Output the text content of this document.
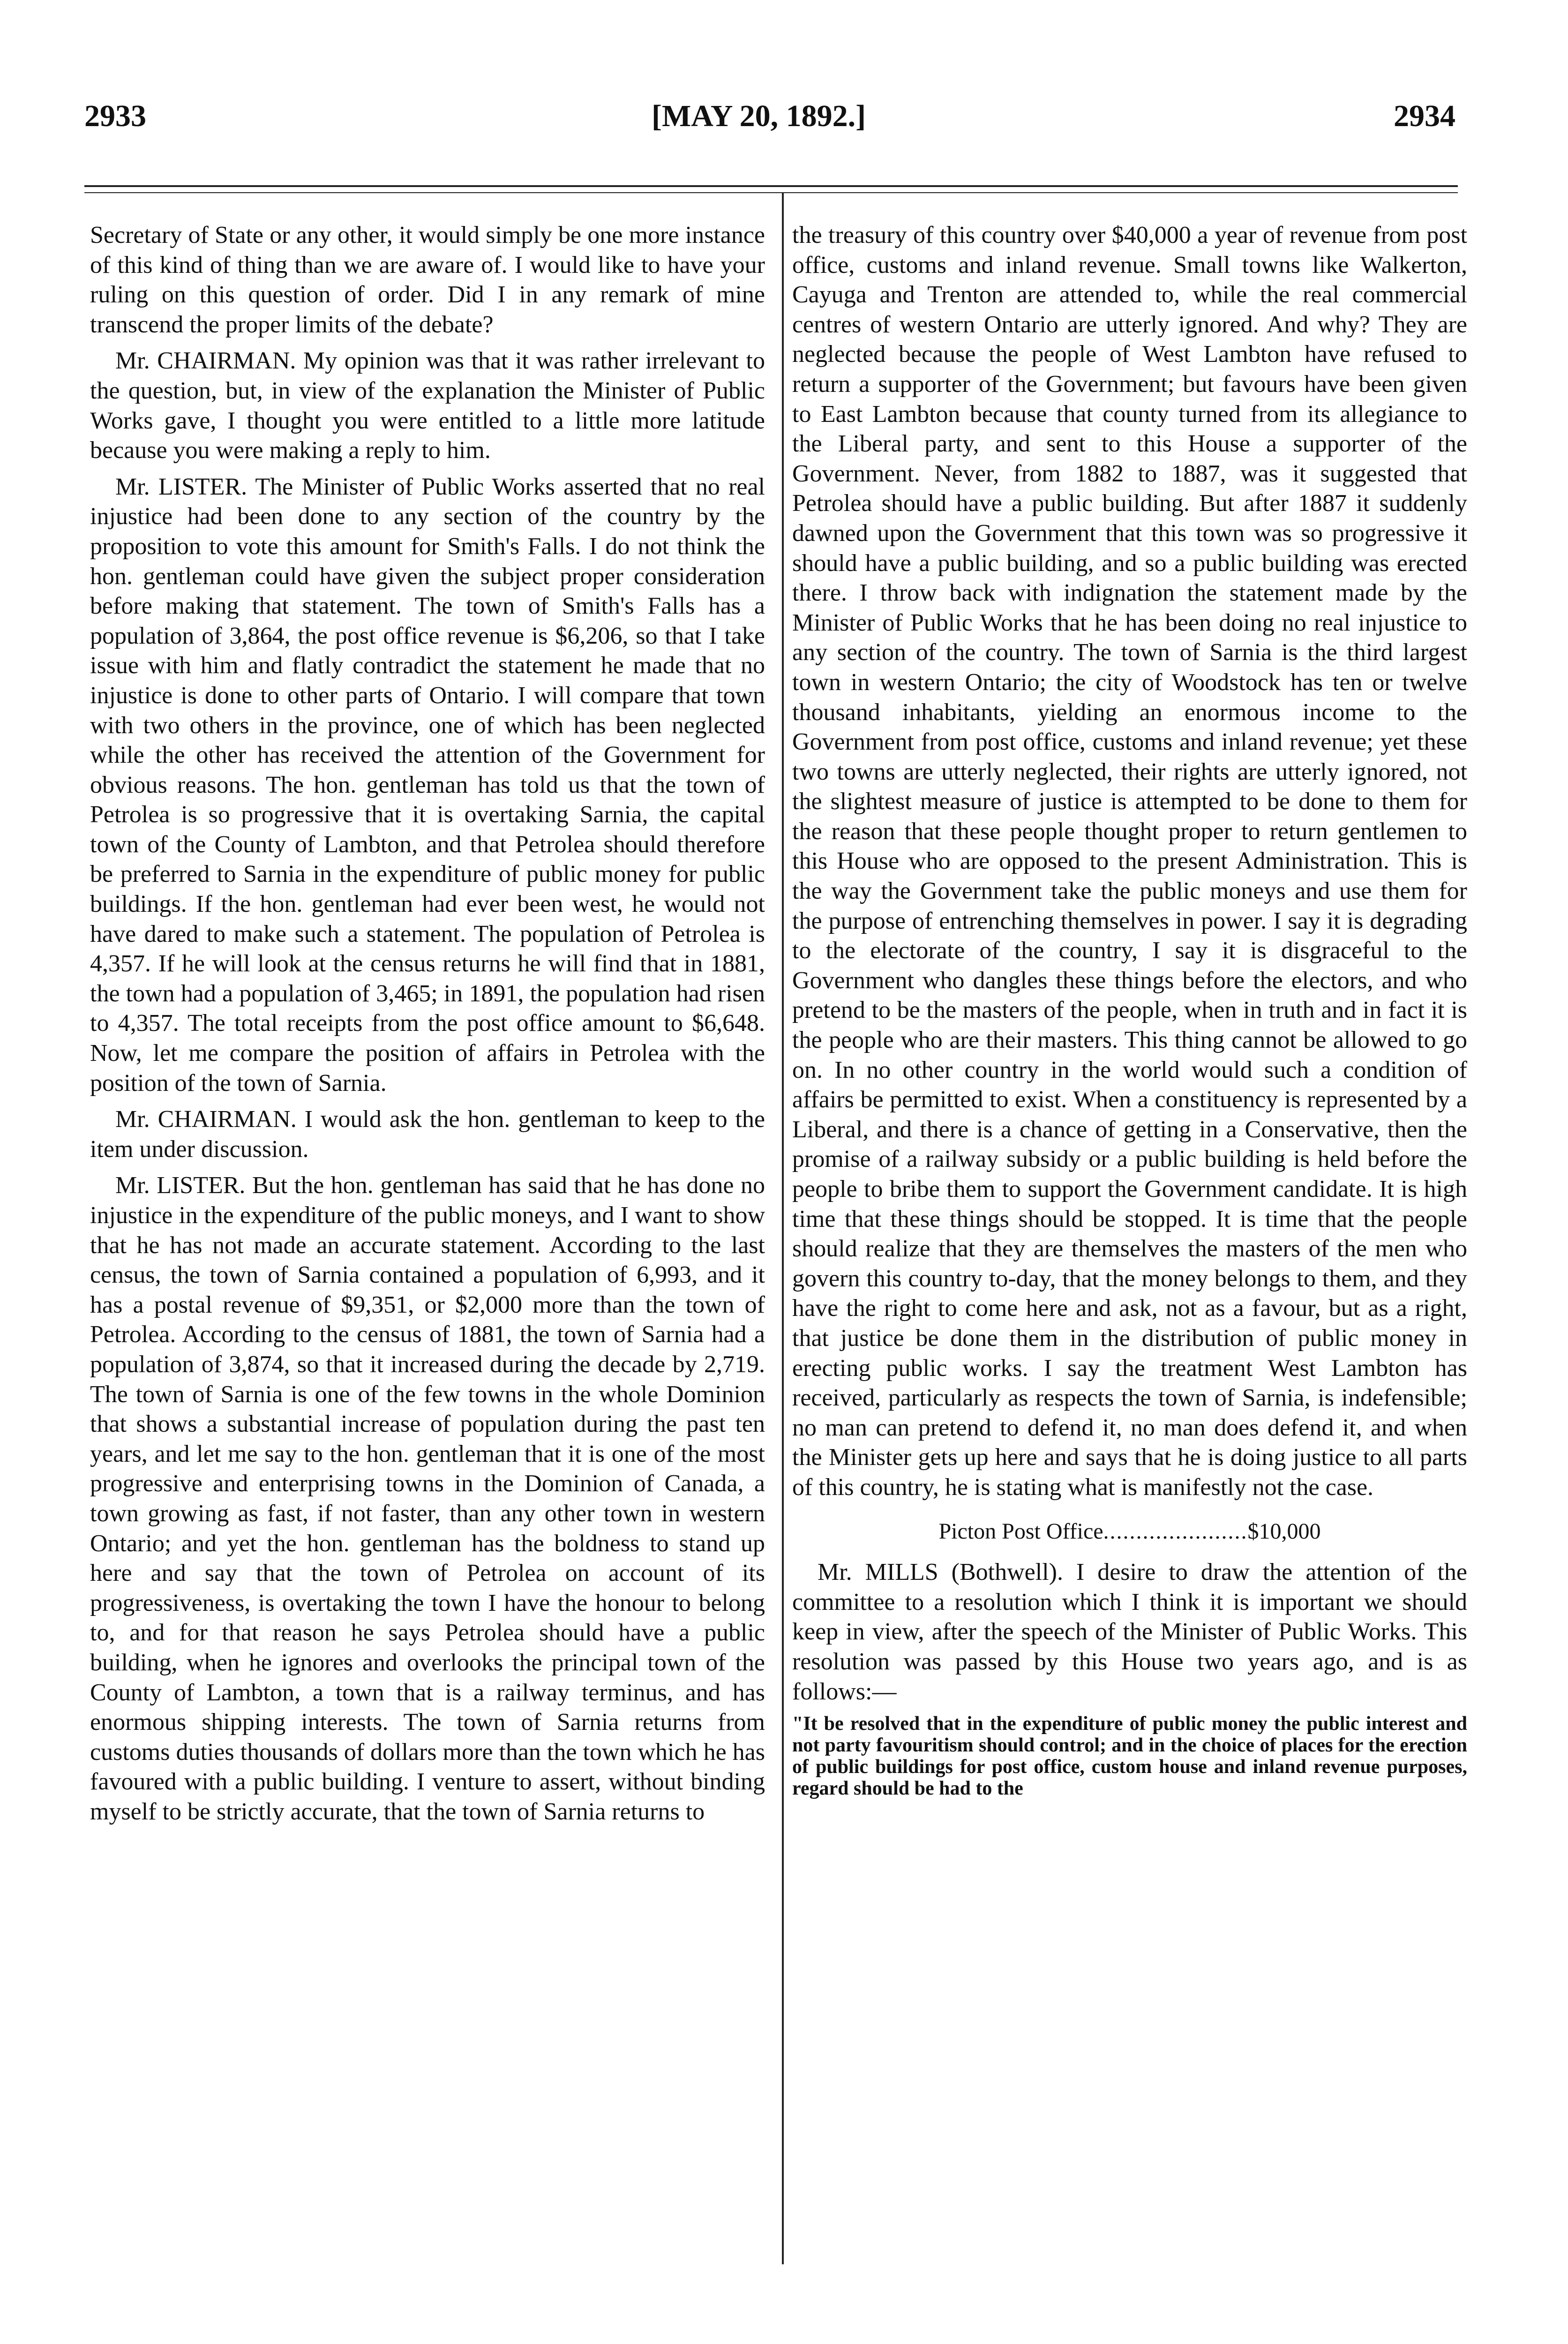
2933	[MAY 20, 1892.]	2934

Secretary of State or any other, it would simply be one more instance of this kind of thing than we are aware of. I would like to have your ruling on this question of order. Did I in any remark of mine transcend the proper limits of the debate?

Mr. CHAIRMAN. My opinion was that it was rather irrelevant to the question, but, in view of the explanation the Minister of Public Works gave, I thought you were entitled to a little more latitude because you were making a reply to him.

Mr. LISTER. The Minister of Public Works asserted that no real injustice had been done to any section of the country by the proposition to vote this amount for Smith's Falls. I do not think the hon. gentleman could have given the subject proper consideration before making that statement. The town of Smith's Falls has a population of 3,864, the post office revenue is $6,206, so that I take issue with him and flatly contradict the statement he made that no injustice is done to other parts of Ontario. I will compare that town with two others in the province, one of which has been neglected while the other has received the attention of the Government for obvious reasons. The hon. gentleman has told us that the town of Petrolea is so progressive that it is overtaking Sarnia, the capital town of the County of Lambton, and that Petrolea should therefore be preferred to Sarnia in the expenditure of public money for public buildings. If the hon. gentleman had ever been west, he would not have dared to make such a statement. The population of Petrolea is 4,357. If he will look at the census returns he will find that in 1881, the town had a population of 3,465; in 1891, the population had risen to 4,357. The total receipts from the post office amount to $6,648. Now, let me compare the position of affairs in Petrolea with the position of the town of Sarnia.

Mr. CHAIRMAN. I would ask the hon. gentleman to keep to the item under discussion.

Mr. LISTER. But the hon. gentleman has said that he has done no injustice in the expenditure of the public moneys, and I want to show that he has not made an accurate statement. According to the last census, the town of Sarnia contained a population of 6,993, and it has a postal revenue of $9,351, or $2,000 more than the town of Petrolea. According to the census of 1881, the town of Sarnia had a population of 3,874, so that it increased during the decade by 2,719. The town of Sarnia is one of the few towns in the whole Dominion that shows a substantial increase of population during the past ten years, and let me say to the hon. gentleman that it is one of the most progressive and enterprising towns in the Dominion of Canada, a town growing as fast, if not faster, than any other town in western Ontario; and yet the hon. gentleman has the boldness to stand up here and say that the town of Petrolea on account of its progressiveness, is overtaking the town I have the honour to belong to, and for that reason he says Petrolea should have a public building, when he ignores and overlooks the principal town of the County of Lambton, a town that is a railway terminus, and has enormous shipping interests. The town of Sarnia returns from customs duties thousands of dollars more than the town which he has favoured with a public building. I venture to assert, without binding myself to be strictly accurate, that the town of Sarnia returns to

the treasury of this country over $40,000 a year of revenue from post office, customs and inland revenue. Small towns like Walkerton, Cayuga and Trenton are attended to, while the real commercial centres of western Ontario are utterly ignored. And why? They are neglected because the people of West Lambton have refused to return a supporter of the Government; but favours have been given to East Lambton because that county turned from its allegiance to the Liberal party, and sent to this House a supporter of the Government. Never, from 1882 to 1887, was it suggested that Petrolea should have a public building. But after 1887 it suddenly dawned upon the Government that this town was so progressive it should have a public building, and so a public building was erected there. I throw back with indignation the statement made by the Minister of Public Works that he has been doing no real injustice to any section of the country. The town of Sarnia is the third largest town in western Ontario; the city of Woodstock has ten or twelve thousand inhabitants, yielding an enormous income to the Government from post office, customs and inland revenue; yet these two towns are utterly neglected, their rights are utterly ignored, not the slightest measure of justice is attempted to be done to them for the reason that these people thought proper to return gentlemen to this House who are opposed to the present Administration. This is the way the Government take the public moneys and use them for the purpose of entrenching themselves in power. I say it is degrading to the electorate of the country, I say it is disgraceful to the Government who dangles these things before the electors, and who pretend to be the masters of the people, when in truth and in fact it is the people who are their masters. This thing cannot be allowed to go on. In no other country in the world would such a condition of affairs be permitted to exist. When a constituency is represented by a Liberal, and there is a chance of getting in a Conservative, then the promise of a railway subsidy or a public building is held before the people to bribe them to support the Government candidate. It is high time that these things should be stopped. It is time that the people should realize that they are themselves the masters of the men who govern this country to-day, that the money belongs to them, and they have the right to come here and ask, not as a favour, but as a right, that justice be done them in the distribution of public money in erecting public works. I say the treatment West Lambton has received, particularly as respects the town of Sarnia, is indefensible; no man can pretend to defend it, no man does defend it, and when the Minister gets up here and says that he is doing justice to all parts of this country, he is stating what is manifestly not the case.

Picton Post Office......................$10,000

Mr. MILLS (Bothwell). I desire to draw the attention of the committee to a resolution which I think it is important we should keep in view, after the speech of the Minister of Public Works. This resolution was passed by this House two years ago, and is as follows:—

"It be resolved that in the expenditure of public money the public interest and not party favouritism should control; and in the choice of places for the erection of public buildings for post office, custom house and inland revenue purposes, regard should be had to the
